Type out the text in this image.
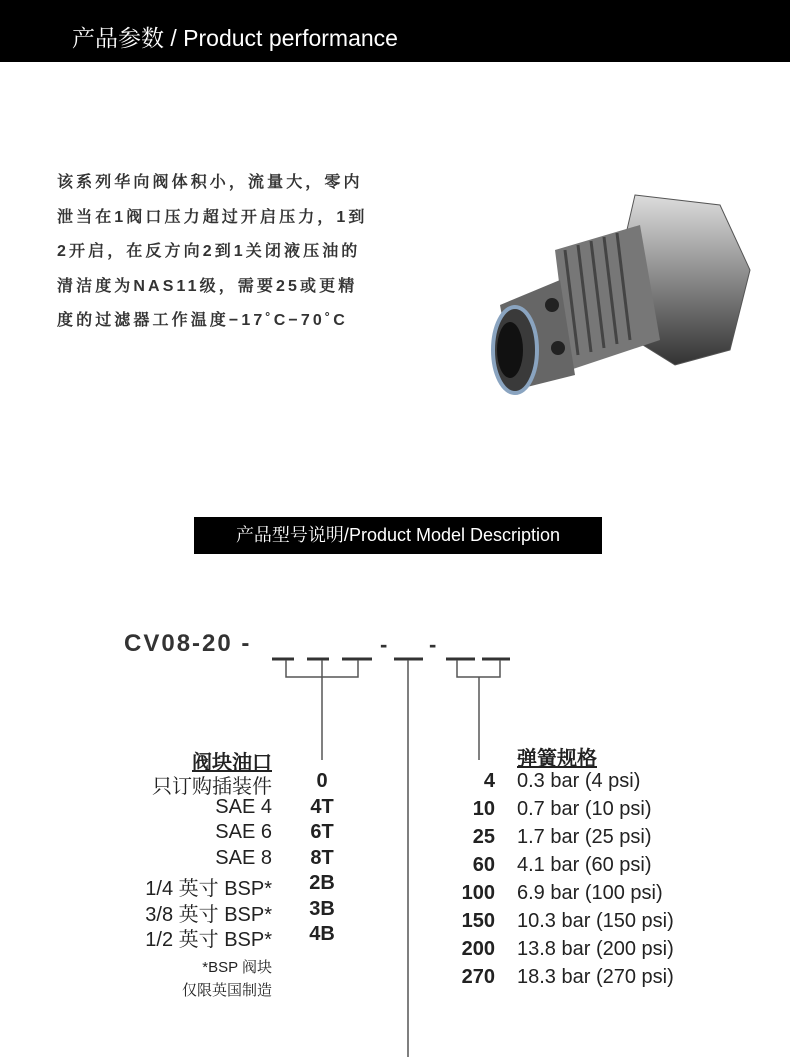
产品参数 / Product performance
该系列华向阀体积小，流量大，零内
泄当在1阀口压力超过开启压力，1到
2开启，在反方向2到1关闭液压油的
清洁度为NAS11级，需要25或更精
度的过滤器工作温度−17˚C−70˚C
产品型号说明/Product Model Description
CV08-20 -	- -
阀块油口	弹簧规格
*BSP 阀块
仅限英国制造
只订购插装件	0
SAE 4	4T
SAE 6	6T
SAE 8	8T
1/4 英寸 BSP*	2B
3/8 英寸 BSP*	3B
1/2 英寸 BSP*	4B
4 0.3 bar (4 psi)
10 0.7 bar (10 psi)
25 1.7 bar (25 psi)
60 4.1 bar (60 psi)
100 6.9 bar (100 psi)
150 10.3 bar (150 psi)
200 13.8 bar (200 psi)
270 18.3 bar (270 psi)
